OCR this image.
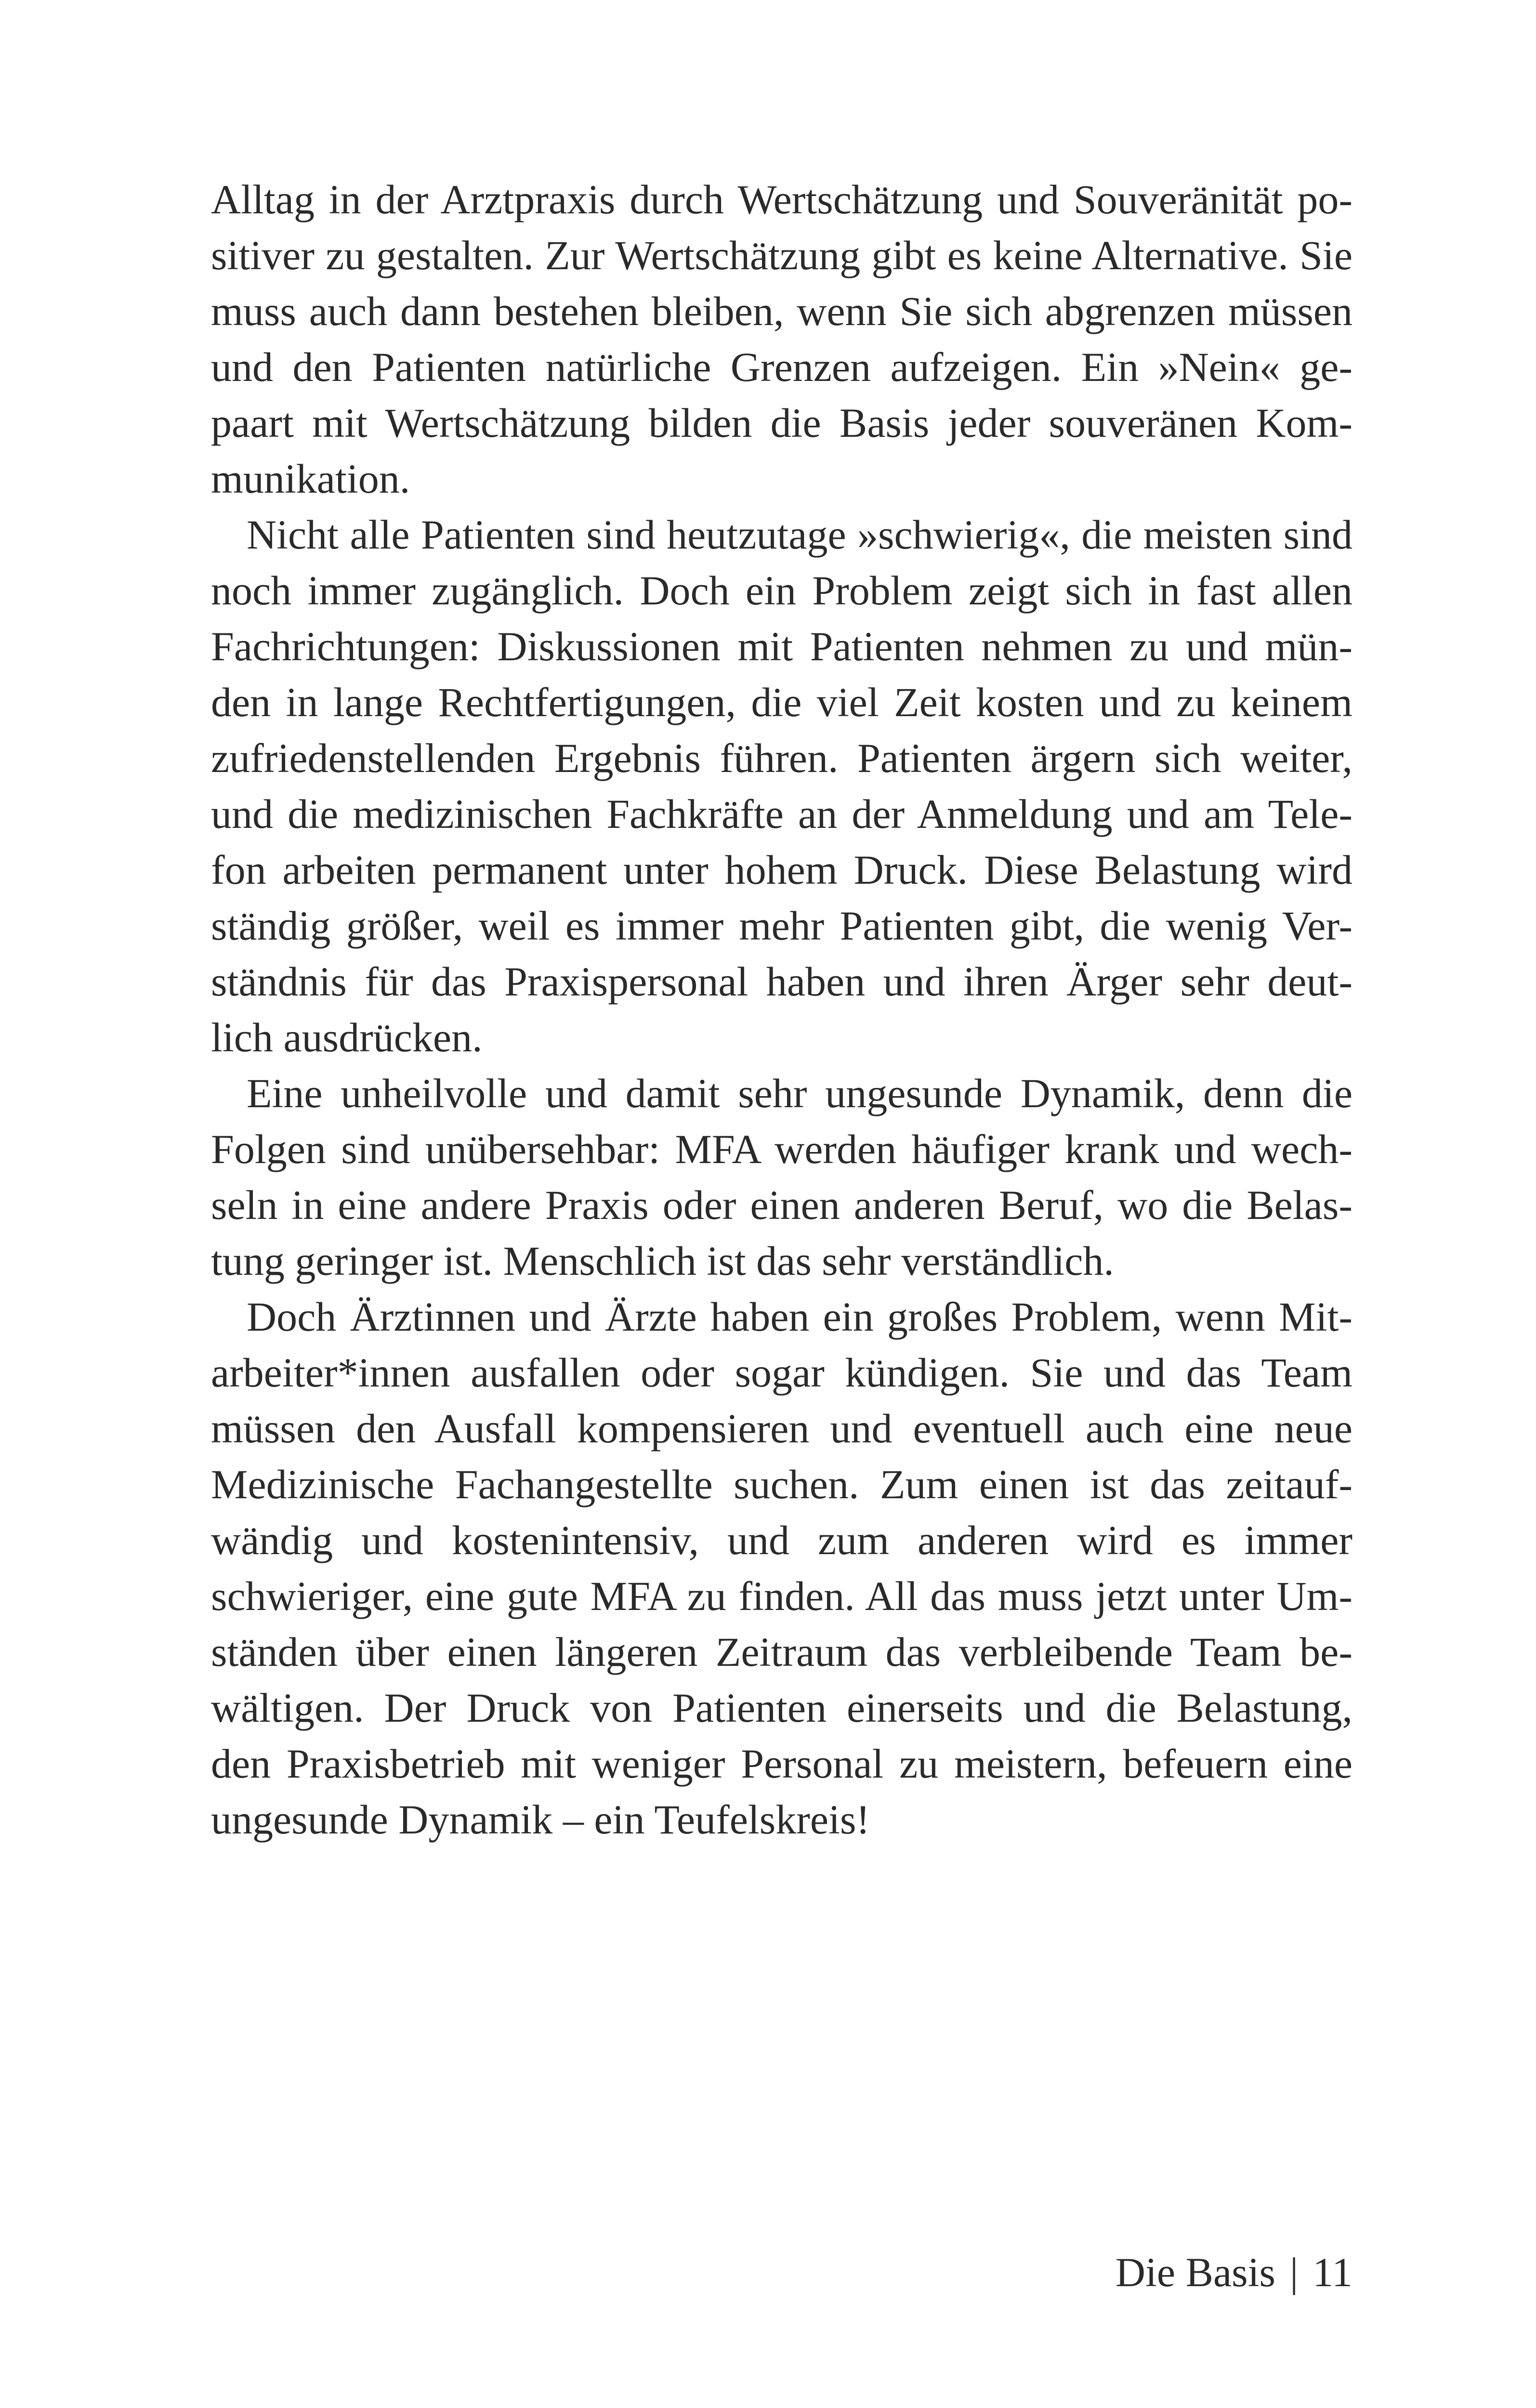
Alltag in der Arztpraxis durch Wertschätzung und Souveränität po-
sitiver zu gestalten. Zur Wertschätzung gibt es keine Alternative. Sie
muss auch dann bestehen bleiben, wenn Sie sich abgrenzen müssen
und den Patienten natürliche Grenzen aufzeigen. Ein »Nein« ge-
paart mit Wertschätzung bilden die Basis jeder souveränen Kom-
munikation.
Nicht alle Patienten sind heutzutage »schwierig«, die meisten sind
noch immer zugänglich. Doch ein Problem zeigt sich in fast allen
Fachrichtungen: Diskussionen mit Patienten nehmen zu und mün-
den in lange Rechtfertigungen, die viel Zeit kosten und zu keinem
zufriedenstellenden Ergebnis führen. Patienten ärgern sich weiter,
und die medizinischen Fachkräfte an der Anmeldung und am Tele-
fon arbeiten permanent unter hohem Druck. Diese Belastung wird
ständig größer, weil es immer mehr Patienten gibt, die wenig Ver-
ständnis für das Praxispersonal haben und ihren Ärger sehr deut-
lich ausdrücken.
Eine unheilvolle und damit sehr ungesunde Dynamik, denn die
Folgen sind unübersehbar: MFA werden häufiger krank und wech-
seln in eine andere Praxis oder einen anderen Beruf, wo die Belas-
tung geringer ist. Menschlich ist das sehr verständlich.
Doch Ärztinnen und Ärzte haben ein großes Problem, wenn Mit-
arbeiter*innen ausfallen oder sogar kündigen. Sie und das Team
müssen den Ausfall kompensieren und eventuell auch eine neue
Medizinische Fachangestellte suchen. Zum einen ist das zeitauf-
wändig und kostenintensiv, und zum anderen wird es immer
schwieriger, eine gute MFA zu finden. All das muss jetzt unter Um-
ständen über einen längeren Zeitraum das verbleibende Team be-
wältigen. Der Druck von Patienten einerseits und die Belastung,
den Praxisbetrieb mit weniger Personal zu meistern, befeuern eine
ungesunde Dynamik – ein Teufelskreis!
Die Basis | 11
